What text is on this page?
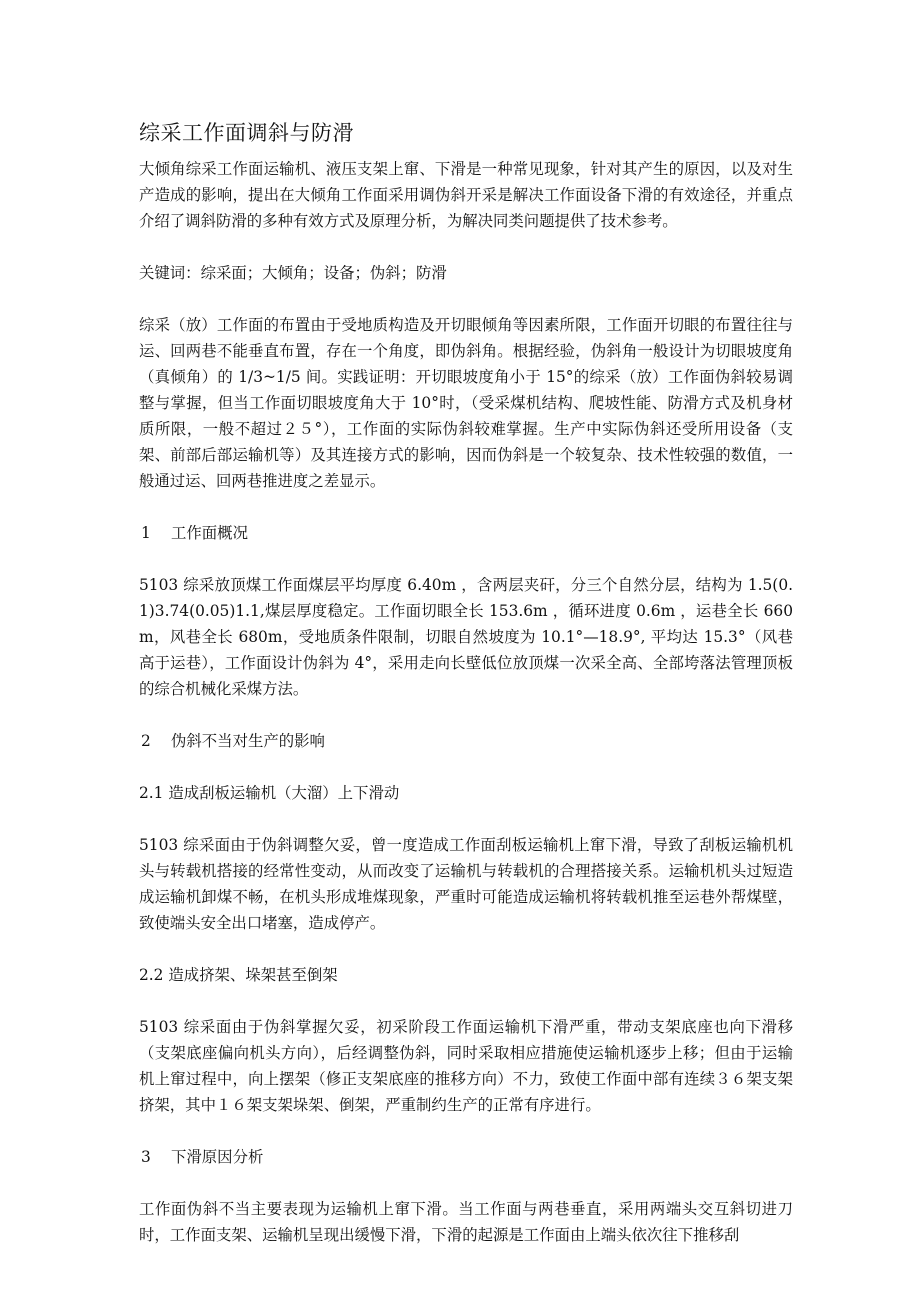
综采工作面调斜与防滑

大倾角综采工作面运输机、液压支架上窜、下滑是一种常见现象，针对其产生的原因，以及对生产造成的影响，提出在大倾角工作面采用调伪斜开采是解决工作面设备下滑的有效途径，并重点介绍了调斜防滑的多种有效方式及原理分析，为解决同类问题提供了技术参考。

关键词：综采面；大倾角；设备；伪斜；防滑

综采（放）工作面的布置由于受地质构造及开切眼倾角等因素所限，工作面开切眼的布置往往与运、回两巷不能垂直布置，存在一个角度，即伪斜角。根据经验，伪斜角一般设计为切眼坡度角（真倾角）的 1/3~1/5 间。实践证明：开切眼坡度角小于 15°的综采（放）工作面伪斜较易调整与掌握，但当工作面切眼坡度角大于 10°时，（受采煤机结构、爬坡性能、防滑方式及机身材质所限，一般不超过２５°），工作面的实际伪斜较难掌握。生产中实际伪斜还受所用设备（支架、前部后部运输机等）及其连接方式的影响，因而伪斜是一个较复杂、技术性较强的数值，一般通过运、回两巷推进度之差显示。

1 工作面概况

5103 综采放顶煤工作面煤层平均厚度 6.40m ，含两层夹矸，分三个自然分层，结构为 1.5(0.1)3.74(0.05)1.1,煤层厚度稳定。工作面切眼全长 153.6m ，循环进度 0.6m ，运巷全长 660m，风巷全长 680m，受地质条件限制，切眼自然坡度为 10.1°—18.9°, 平均达 15.3°（风巷高于运巷），工作面设计伪斜为 4°，采用走向长壁低位放顶煤一次采全高、全部垮落法管理顶板的综合机械化采煤方法。

2 伪斜不当对生产的影响

2.1 造成刮板运输机（大溜）上下滑动

5103 综采面由于伪斜调整欠妥，曾一度造成工作面刮板运输机上窜下滑，导致了刮板运输机机头与转载机搭接的经常性变动，从而改变了运输机与转载机的合理搭接关系。运输机机头过短造成运输机卸煤不畅，在机头形成堆煤现象，严重时可能造成运输机将转载机推至运巷外帮煤壁，致使端头安全出口堵塞，造成停产。

2.2 造成挤架、垛架甚至倒架

5103 综采面由于伪斜掌握欠妥，初采阶段工作面运输机下滑严重，带动支架底座也向下滑移（支架底座偏向机头方向），后经调整伪斜，同时采取相应措施使运输机逐步上移；但由于运输机上窜过程中，向上摆架（修正支架底座的推移方向）不力，致使工作面中部有连续３６架支架挤架，其中１６架支架垛架、倒架，严重制约生产的正常有序进行。

3 下滑原因分析

工作面伪斜不当主要表现为运输机上窜下滑。当工作面与两巷垂直，采用两端头交互斜切进刀时，工作面支架、运输机呈现出缓慢下滑，下滑的起源是工作面由上端头依次往下推移刮
